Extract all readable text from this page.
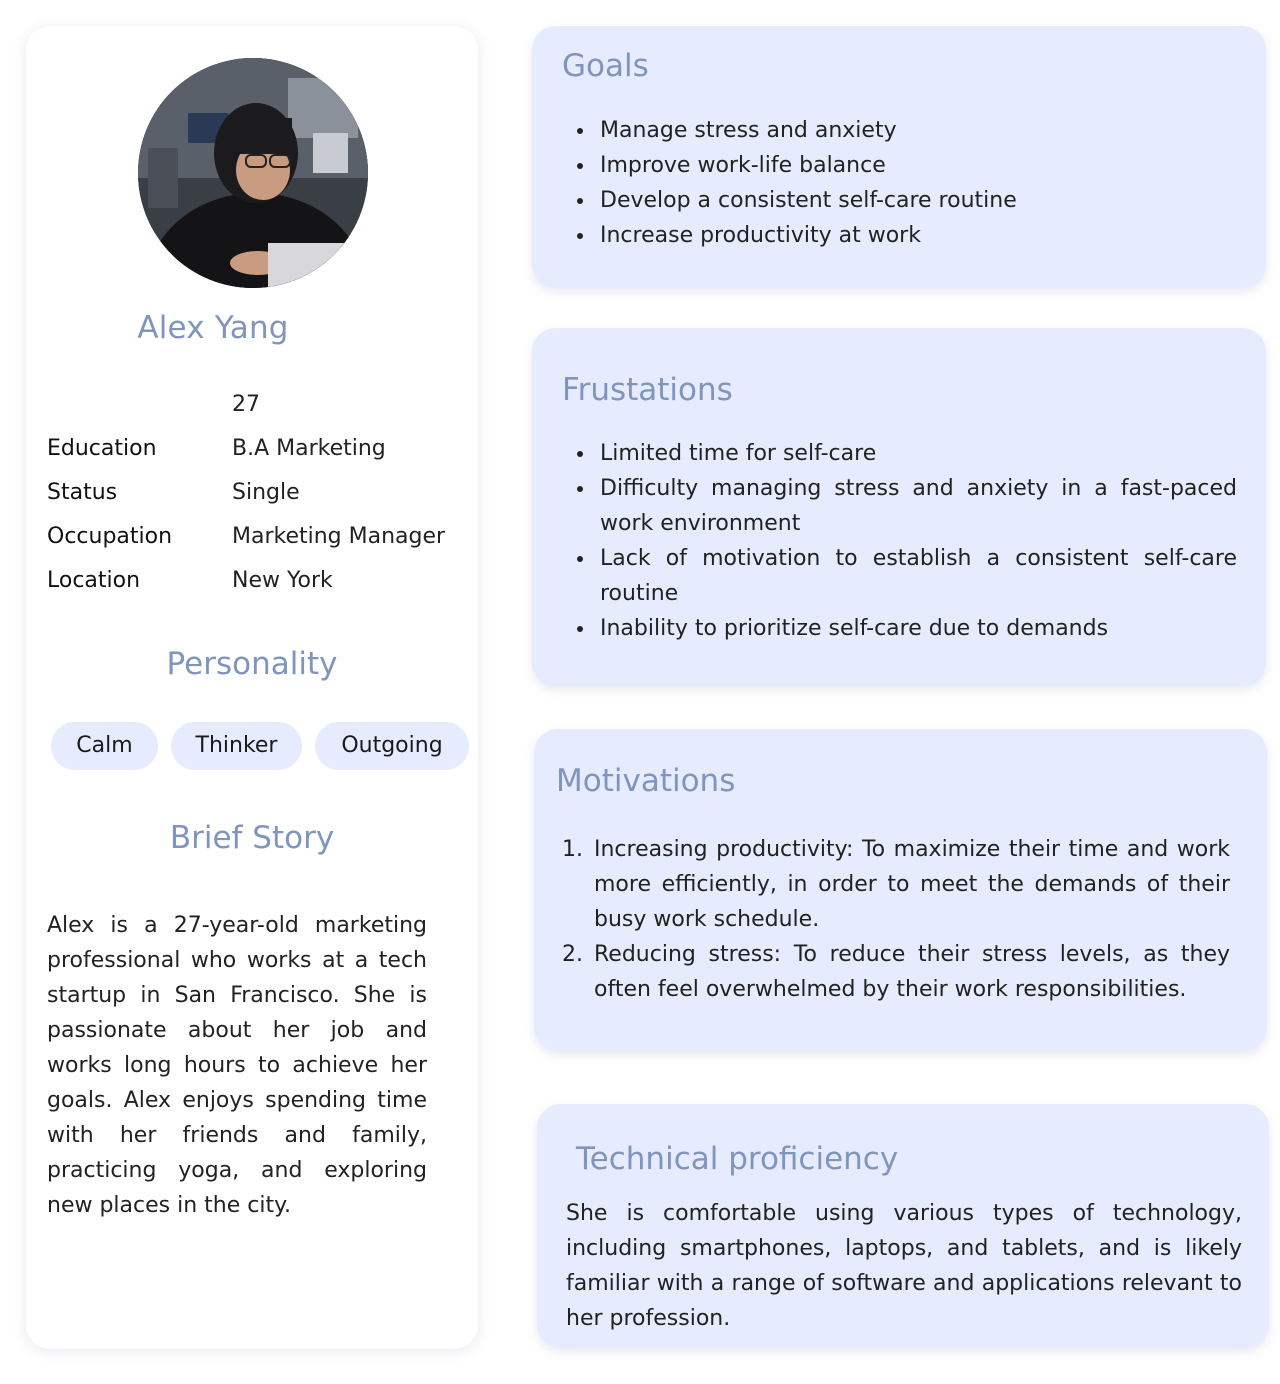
Alex Yang
27
Education	B.A Marketing
Status	Single
Occupation	Marketing Manager
Location	New York
Personality
Calm	Thinker	Outgoing
Brief Story

Alex is a 27-year-old marketing professional who works at a tech startup in San Francisco. She is passionate about her job and works long hours to achieve her goals. Alex enjoys spending time with her friends and family, practicing yoga, and exploring new places in the city.

Goals
Manage stress and anxiety
Improve work-life balance
Develop a consistent self-care routine
Increase productivity at work
Frustations
Limited time for self-care
Difficulty managing stress and anxiety in a fast-paced work environment
Lack of motivation to establish a consistent self-care routine
Inability to prioritize self-care due to demands
Motivations
1. Increasing productivity: To maximize their time and work more efficiently, in order to meet the demands of their busy work schedule.
2. Reducing stress: To reduce their stress levels, as they often feel overwhelmed by their work responsibilities.
Technical proficiency

She is comfortable using various types of technology, including smartphones, laptops, and tablets, and is likely familiar with a range of software and applications relevant to her profession.
